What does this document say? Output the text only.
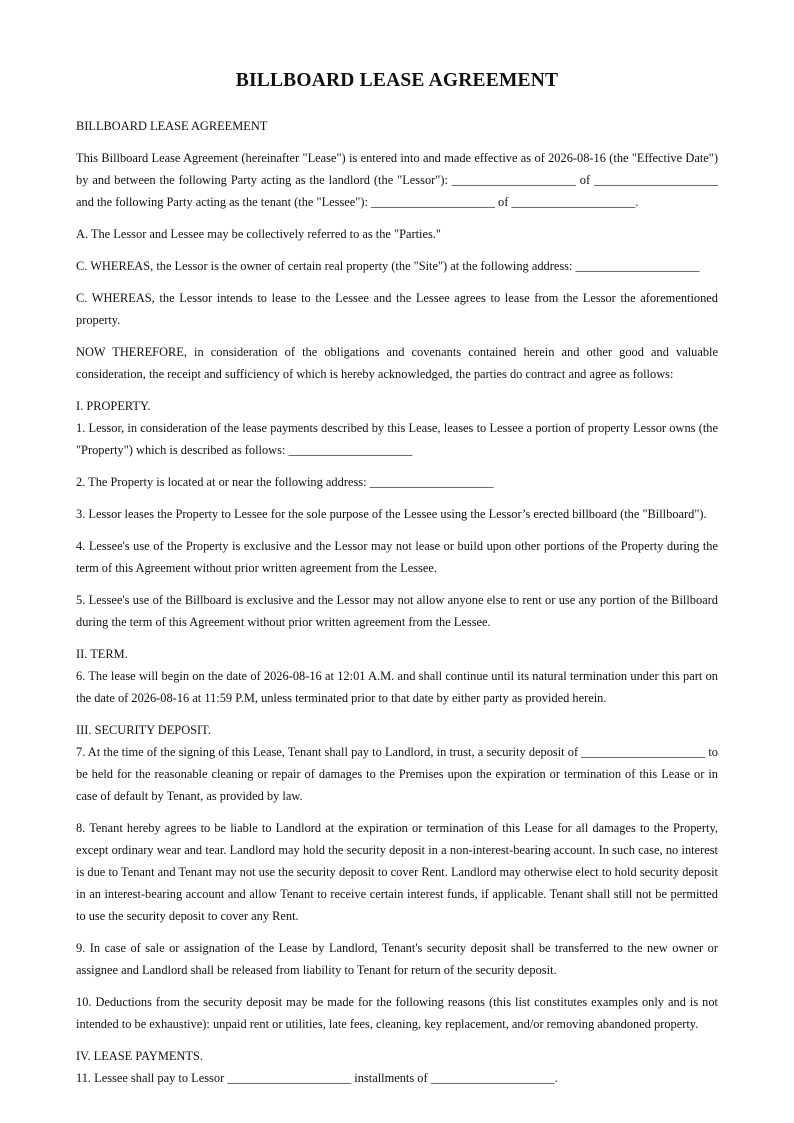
BILLBOARD LEASE AGREEMENT

BILLBOARD LEASE AGREEMENT

This Billboard Lease Agreement (hereinafter "Lease") is entered into and made effective as of 2026-08-16 (the "Effective Date") by and between the following Party acting as the landlord (the "Lessor"): ____________________ of ____________________ and the following Party acting as the tenant (the "Lessee"): ____________________ of ____________________.

A. The Lessor and Lessee may be collectively referred to as the "Parties."

C. WHEREAS, the Lessor is the owner of certain real property (the "Site") at the following address: ____________________

C. WHEREAS, the Lessor intends to lease to the Lessee and the Lessee agrees to lease from the Lessor the aforementioned property.

NOW THEREFORE, in consideration of the obligations and covenants contained herein and other good and valuable consideration, the receipt and sufficiency of which is hereby acknowledged, the parties do contract and agree as follows:

I. PROPERTY.

1. Lessor, in consideration of the lease payments described by this Lease, leases to Lessee a portion of property Lessor owns (the "Property") which is described as follows: ____________________

2. The Property is located at or near the following address: ____________________

3. Lessor leases the Property to Lessee for the sole purpose of the Lessee using the Lessor’s erected billboard (the "Billboard").

4. Lessee's use of the Property is exclusive and the Lessor may not lease or build upon other portions of the Property during the term of this Agreement without prior written agreement from the Lessee.

5. Lessee's use of the Billboard is exclusive and the Lessor may not allow anyone else to rent or use any portion of the Billboard during the term of this Agreement without prior written agreement from the Lessee.

II. TERM.

6. The lease will begin on the date of 2026-08-16 at 12:01 A.M. and shall continue until its natural termination under this part on the date of 2026-08-16 at 11:59 P.M, unless terminated prior to that date by either party as provided herein.

III. SECURITY DEPOSIT.

7. At the time of the signing of this Lease, Tenant shall pay to Landlord, in trust, a security deposit of ____________________ to be held for the reasonable cleaning or repair of damages to the Premises upon the expiration or termination of this Lease or in case of default by Tenant, as provided by law.

8. Tenant hereby agrees to be liable to Landlord at the expiration or termination of this Lease for all damages to the Property, except ordinary wear and tear. Landlord may hold the security deposit in a non-interest-bearing account. In such case, no interest is due to Tenant and Tenant may not use the security deposit to cover Rent. Landlord may otherwise elect to hold security deposit in an interest-bearing account and allow Tenant to receive certain interest funds, if applicable. Tenant shall still not be permitted to use the security deposit to cover any Rent.

9. In case of sale or assignation of the Lease by Landlord, Tenant's security deposit shall be transferred to the new owner or assignee and Landlord shall be released from liability to Tenant for return of the security deposit.

10. Deductions from the security deposit may be made for the following reasons (this list constitutes examples only and is not intended to be exhaustive): unpaid rent or utilities, late fees, cleaning, key replacement, and/or removing abandoned property.

IV. LEASE PAYMENTS.

11. Lessee shall pay to Lessor ____________________ installments of ____________________.
